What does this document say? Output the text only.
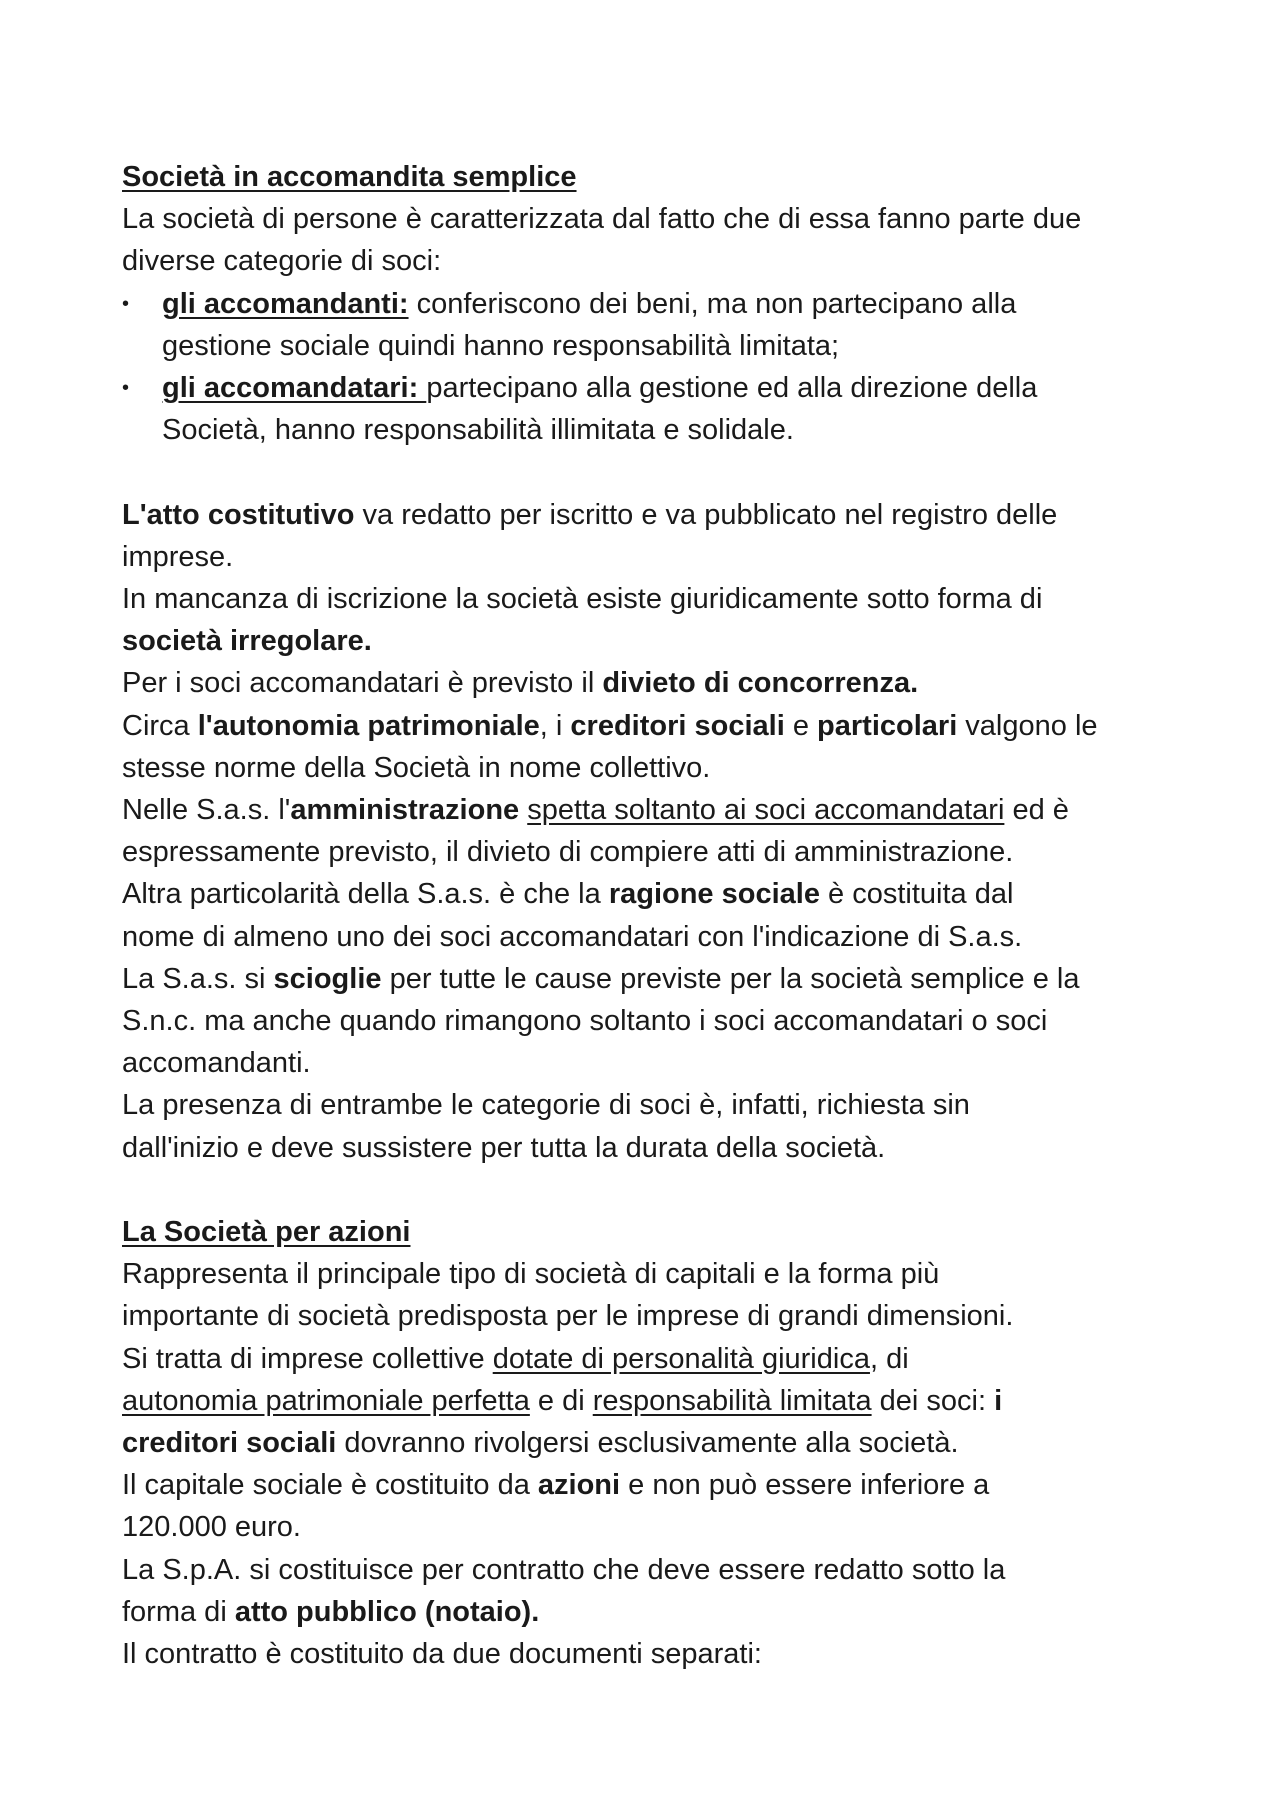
Società in accomandita semplice

La società di persone è caratterizzata dal fatto che di essa fanno parte due

diverse categorie di soci:

•	gli accomandanti: conferiscono dei beni, ma non partecipano alla

gestione sociale quindi hanno responsabilità limitata;

•	gli accomandatari: partecipano alla gestione ed alla direzione della

Società, hanno responsabilità illimitata e solidale.

L'atto costitutivo va redatto per iscritto e va pubblicato nel registro delle

imprese.

In mancanza di iscrizione la società esiste giuridicamente sotto forma di

società irregolare.

Per i soci accomandatari è previsto il divieto di concorrenza.

Circa l'autonomia patrimoniale, i creditori sociali e particolari valgono le

stesse norme della Società in nome collettivo.

Nelle S.a.s. l'amministrazione spetta soltanto ai soci accomandatari ed è

espressamente previsto, il divieto di compiere atti di amministrazione.

Altra particolarità della S.a.s. è che la ragione sociale è costituita dal

nome di almeno uno dei soci accomandatari con l'indicazione di S.a.s.

La S.a.s. si scioglie per tutte le cause previste per la società semplice e la

S.n.c. ma anche quando rimangono soltanto i soci accomandatari o soci

accomandanti.

La presenza di entrambe le categorie di soci è, infatti, richiesta sin

dall'inizio e deve sussistere per tutta la durata della società.

La Società per azioni

Rappresenta il principale tipo di società di capitali e la forma più

importante di società predisposta per le imprese di grandi dimensioni.

Si tratta di imprese collettive dotate di personalità giuridica, di

autonomia patrimoniale perfetta e di responsabilità limitata dei soci: i

creditori sociali dovranno rivolgersi esclusivamente alla società.

Il capitale sociale è costituito da azioni e non può essere inferiore a

120.000 euro.

La S.p.A. si costituisce per contratto che deve essere redatto sotto la

forma di atto pubblico (notaio).

Il contratto è costituito da due documenti separati:
